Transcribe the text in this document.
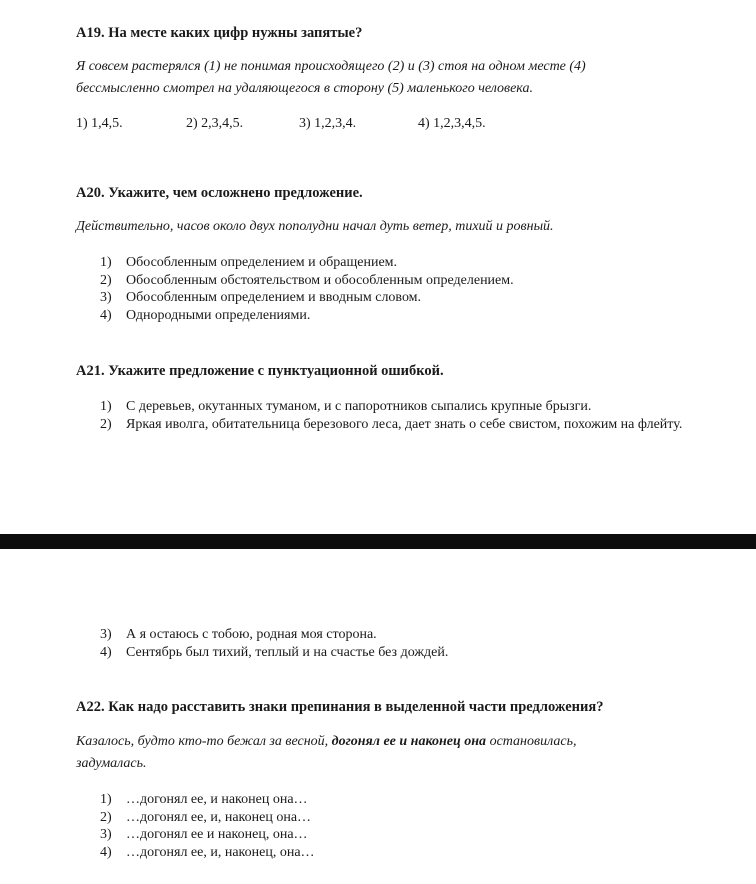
А19. На месте каких цифр нужны запятые?
Я совсем растерялся (1) не понимая происходящего (2) и (3) стоя на одном месте (4)
бессмысленно смотрел на удаляющегося в сторону (5) маленького человека.
1) 1,4,5.	2) 2,3,4,5.	3) 1,2,3,4.	4) 1,2,3,4,5.
А20. Укажите, чем осложнено предложение.
Действительно, часов около двух пополудни начал дуть ветер, тихий и ровный.
1) Обособленным определением и обращением.
2) Обособленным обстоятельством и обособленным определением.
3) Обособленным определением и вводным словом.
4) Однородными определениями.
А21. Укажите предложение с пунктуационной ошибкой.
1) С деревьев, окутанных туманом, и с папоротников сыпались крупные брызги.
2) Яркая иволга, обитательница березового леса, дает знать о себе свистом, похожим на флейту.
3) А я остаюсь с тобою, родная моя сторона.
4) Сентябрь был тихий, теплый и на счастье без дождей.
А22. Как надо расставить знаки препинания в выделенной части предложения?
Казалось, будто кто-то бежал за весной, догонял ее и наконец она остановилась,
задумалась.
1) …догонял ее, и наконец она…
2) …догонял ее, и, наконец она…
3) …догонял ее и наконец, она…
4) …догонял ее, и, наконец, она…
